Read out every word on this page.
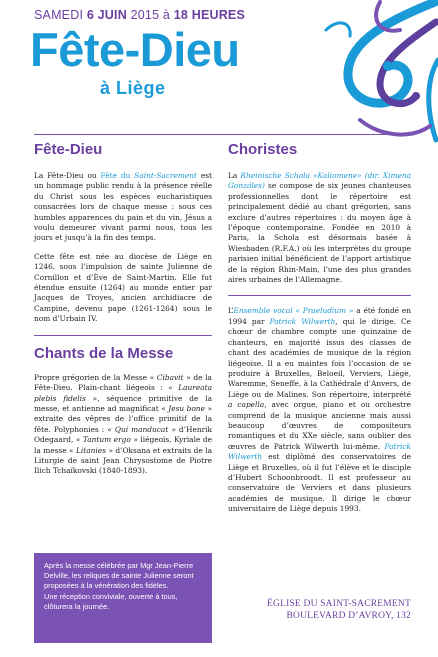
SAMEDI 6 JUIN 2015 à 18 HEURES
Fête-Dieu
à Liège
Fête-Dieu

La Fête-Dieu ou Fête du Saint-Sacrement est un hommage public rendu à la présence réelle du Christ sous les espèces eucharistiques consacrées lors de chaque messe : sous ces humbles apparences du pain et du vin, Jésus a voulu demeurer vivant parmi nous, tous les jours et jusqu’à la fin des temps.

Cette fête est née au diocèse de Liège en 1246, sous l’impulsion de sainte Julienne de Cornillon et d’Ève de Saint-Martin. Elle fut étendue ensuite (1264) au monde entier par Jacques de Troyes, ancien archidiacre de Campine, devenu pape (1261-1264) sous le nom d’Urbain IV.

Chants de la Messe

Propre grégorien de la Messe « Cibavit » de la Fête-Dieu. Plain-chant liégeois : « Laureata plebis fidelis », séquence primitive de la messe, et antienne ad magnificat « Jesu bone » extraite des vêpres de l’office primitif de la fête. Polyphonies : « Qui manducat » d’Henrik Odegaard, « Tantum ergo » liégeois, Kyriale de la messe « Litanies » d’Oksana et extraits de la Liturgie de saint Jean Chrysostome de Piotre Ilich Tchaïkovski (1840-1893).

Après la messe célébrée par Mgr Jean-Pierre Delville, les reliques de sainte Julienne seront proposées à la vénération des fidèles.

Une réception conviviale, ouverte à tous, clôturera la journée.

Choristes

La Rheinische Schola «Kaliomene» (dir. Ximena Gonzáles) se compose de six jeunes chanteuses professionnelles dont le répertoire est principalement dédié au chant grégorien, sans exclure d’autres répertoires : du moyen âge à l’époque contemporaine. Fondée en 2010 à Paris, la Schola est désormais basée à Wiesbaden (R.F.A.) où les interprètes du groupe parisien initial bénéficient de l’apport artistique de la région Rhin-Main, l’une des plus grandes aires urbaines de l’Allemagne.

L’Ensemble vocal « Praeludium » a été fondé en 1994 par Patrick Wilwerth, qui le dirige. Ce chœur de chambre compte une quinzaine de chanteurs, en majorité issus des classes de chant des académies de musique de la région liégeoise. Il a eu maintes fois l’occasion de se produire à Bruxelles, Beloeil, Verviers, Liège, Waremme, Seneffe, à la Cathédrale d’Anvers, de Liège ou de Malines. Son répertoire, interprété a capella, avec orgue, piano et ou orchestre comprend de la musique ancienne mais aussi beaucoup d’œuvres de compositeurs romantiques et du XXe siècle, sans oublier des œuvres de Patrick Wilwerth lui-même. Patrick Wilwerth est diplômé des conservatoires de Liège et Bruxelles, où il fut l’élève et le disciple d’Hubert Schoonbroodt. Il est professeur au conservatoire de Verviers et dans plusieurs académies de musique. Il dirige le chœur universitaire de Liège depuis 1993.

ÉGLISE DU SAINT-SACREMENT
BOULEVARD D’AVROY, 132
